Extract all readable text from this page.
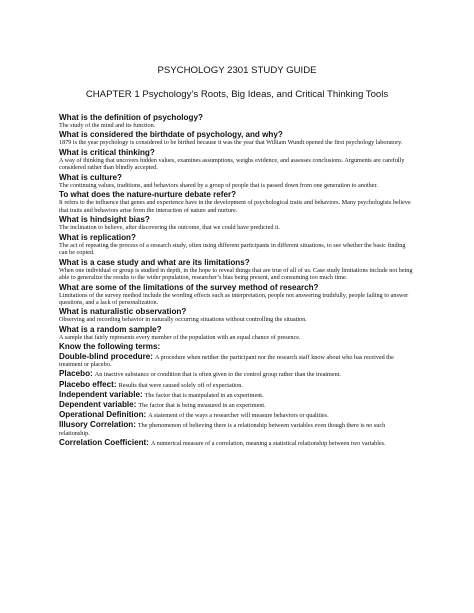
PSYCHOLOGY 2301 STUDY GUIDE
CHAPTER 1 Psychology’s Roots, Big Ideas, and Critical Thinking Tools

What is the definition of psychology?

The study of the mind and its function.

What is considered the birthdate of psychology, and why?

1879 is the year psychology is considered to be birthed because it was the year that William Wundt opened the first psychology laboratory.

What is critical thinking?

A way of thinking that uncovers hidden values, examines assumptions, weighs evidence, and assesses conclusions. Arguments are carefully considered rather than blindly accepted.

What is culture?

The continuing values, traditions, and behaviors shared by a group of people that is passed down from one generation to another.

To what does the nature-nurture debate refer?

It refers to the influence that genes and experience have in the development of psychological traits and behaviors. Many psychologists believe that traits and behaviors arise from the interaction of nature and nurture.

What is hindsight bias?

The inclination to believe, after discovering the outcome, that we could have predicted it.

What is replication?

The act of repeating the process of a research study, often using different participants in different situations, to see whether the basic finding can be copied.

What is a case study and what are its limitations?

When one individual or group is studied in depth, in the hope to reveal things that are true of all of us. Case study limitations include not being able to generalize the results to the wider population, researcher’s bias being present, and consuming too much time.

What are some of the limitations of the survey method of research?

Limitations of the survey method include the wording effects such as interpretation, people not answering truthfully, people failing to answer questions, and a lack of personalization.

What is naturalistic observation?

Observing and recording behavior in naturally occurring situations without controlling the situation.

What is a random sample?

A sample that fairly represents every member of the population with an equal chance of presence.

Know the following terms:

Double-blind procedure: A procedure when neither the participant nor the research staff know about who has received the treatment or placebo.

Placebo: An inactive substance or condition that is often given to the control group rather than the treatment.

Placebo effect: Results that were caused solely off of expectation.

Independent variable: The factor that is manipulated in an experiment.

Dependent variable: The factor that is being measured in an experiment.

Operational Definition: A statement of the ways a researcher will measure behaviors or qualities.

Illusory Correlation: The phenomenon of believing there is a relationship between variables even though there is no such relationship.

Correlation Coefficient: A numerical measure of a correlation, meaning a statistical relationship between two variables.
